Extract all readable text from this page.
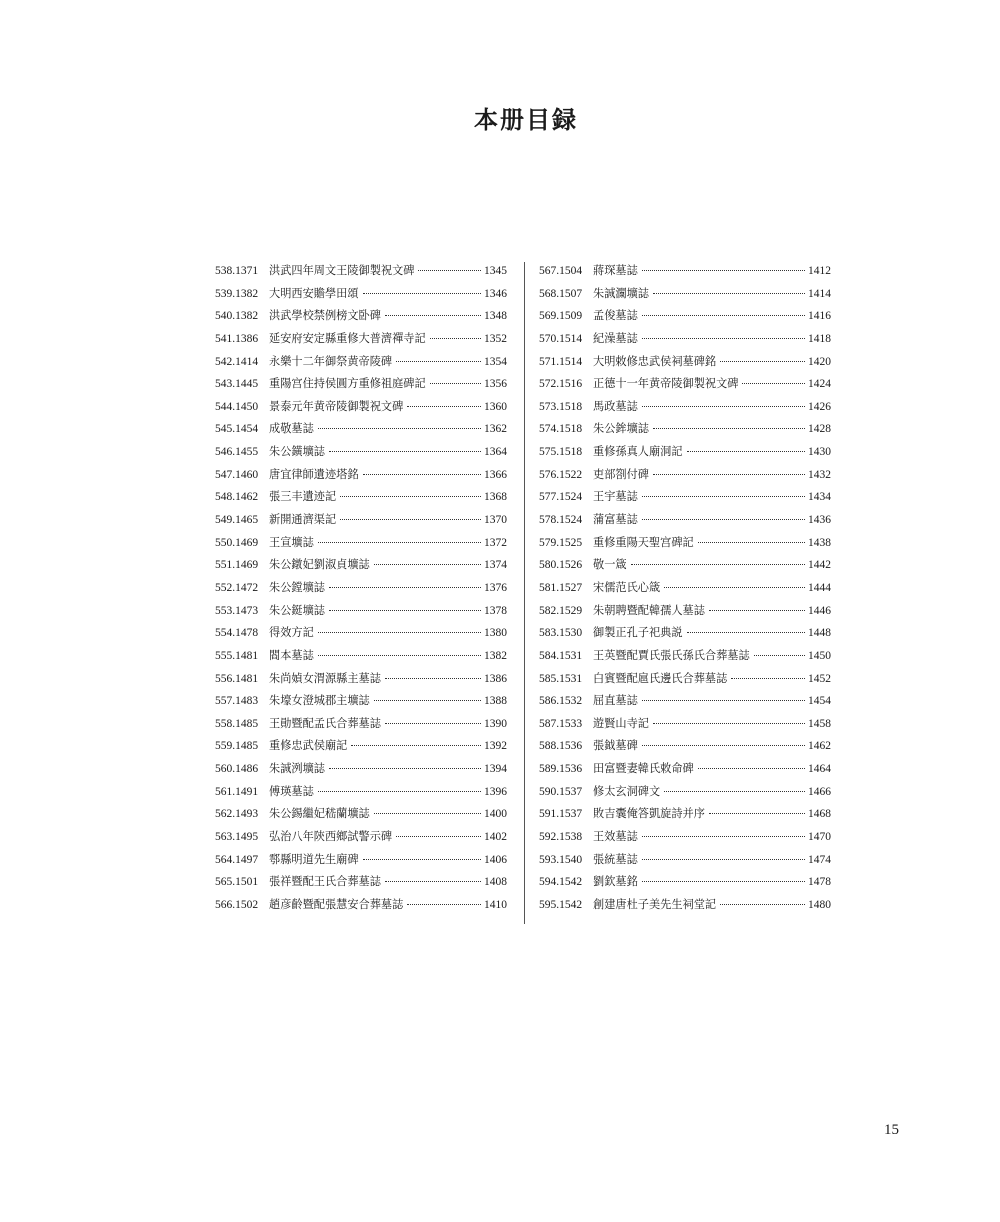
本册目録
538.1371 洪武四年周文王陵御製祝文碑	1345
539.1382 大明西安贍學田頌	1346
540.1382 洪武學校禁例榜文卧碑	1348
541.1386 延安府安定縣重修大普濟禪寺記	1352
542.1414 永樂十二年御祭黄帝陵碑	1354
543.1445 重陽宫住持侯圓方重修祖庭碑記	1356
544.1450 景泰元年黄帝陵御製祝文碑	1360
545.1454 成敬墓誌	1362
546.1455 朱公鐄壙誌	1364
547.1460 唐宜律師遺迹塔銘	1366
548.1462 張三丰遺迹記	1368
549.1465 新開通濟渠記	1370
550.1469 王宣壙誌	1372
551.1469 朱公鐓妃劉淑貞壙誌	1374
552.1472 朱公鏜壙誌	1376
553.1473 朱公鋌壙誌	1378
554.1478 得效方記	1380
555.1481 閻本墓誌	1382
556.1481 朱尚媜女渭源縣主墓誌	1386
557.1483 朱壕女澄城郡主壙誌	1388
558.1485 王勛暨配孟氏合葬墓誌	1390
559.1485 重修忠武侯廟記	1392
560.1486 朱誠洌壙誌	1394
561.1491 傅瑛墓誌	1396
562.1493 朱公錫繼妃嵇蘭壙誌	1400
563.1495 弘治八年陝西鄉試警示碑	1402
564.1497 鄠縣明道先生廟碑	1406
565.1501 張祥暨配王氏合葬墓誌	1408
566.1502 趙彦齡暨配張慧安合葬墓誌	1410
567.1504 蔣琛墓誌	1412
568.1507 朱誠灁壙誌	1414
569.1509 孟俊墓誌	1416
570.1514 紀澡墓誌	1418
571.1514 大明敕修忠武侯祠墓碑銘	1420
572.1516 正德十一年黄帝陵御製祝文碑	1424
573.1518 馬政墓誌	1426
574.1518 朱公鉾壙誌	1428
575.1518 重修孫真人廟洞記	1430
576.1522 吏部劄付碑	1432
577.1524 王宇墓誌	1434
578.1524 蒲富墓誌	1436
579.1525 重修重陽天聖宫碑記	1438
580.1526 敬一箴	1442
581.1527 宋儒范氏心箴	1444
582.1529 朱朝聘暨配韓孺人墓誌	1446
583.1530 御製正孔子祀典説	1448
584.1531 王英暨配賈氏張氏孫氏合葬墓誌	1450
585.1531 白賓暨配扈氏邊氏合葬墓誌	1452
586.1532 屈直墓誌	1454
587.1533 遊賢山寺記	1458
588.1536 張鉞墓碑	1462
589.1536 田富暨妻韓氏敕命碑	1464
590.1537 修太玄洞碑文	1466
591.1537 敗吉囊俺答凱旋詩并序	1468
592.1538 王效墓誌	1470
593.1540 張統墓誌	1474
594.1542 劉欽墓銘	1478
595.1542 創建唐杜子美先生祠堂記	1480
15
